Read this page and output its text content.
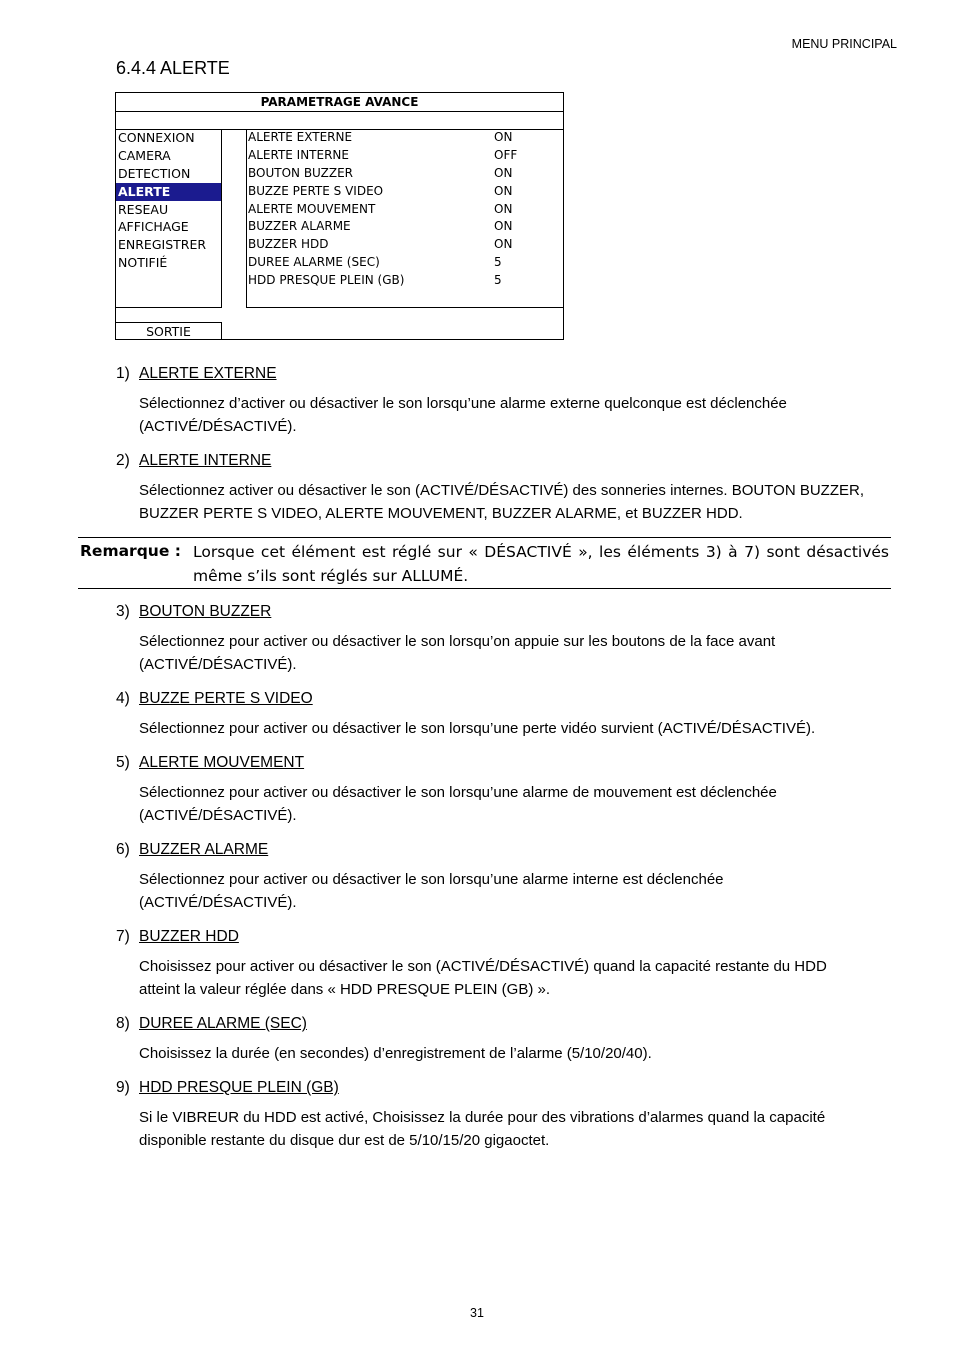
MENU PRINCIPAL
6.4.4 ALERTE
PARAMETRAGE AVANCE
CONNEXION
CAMERA
DETECTION
ALERTE
RESEAU
AFFICHAGE
ENREGISTRER
NOTIFIÉ
ALERTE EXTERNE	ON
ALERTE INTERNE	OFF
BOUTON BUZZER	ON
BUZZE PERTE S VIDEO	ON
ALERTE MOUVEMENT	ON
BUZZER ALARME	ON
BUZZER HDD	ON
DUREE ALARME (SEC)	5
HDD PRESQUE PLEIN (GB)	5
SORTIE
1) ALERTE EXTERNE
Sélectionnez d’activer ou désactiver le son lorsqu’une alarme externe quelconque est déclenchée (ACTIVÉ/DÉSACTIVÉ).
2) ALERTE INTERNE
Sélectionnez activer ou désactiver le son (ACTIVÉ/DÉSACTIVÉ) des sonneries internes. BOUTON BUZZER, BUZZER PERTE S VIDEO, ALERTE MOUVEMENT, BUZZER ALARME, et BUZZER HDD.
3) BOUTON BUZZER
Sélectionnez pour activer ou désactiver le son lorsqu’on appuie sur les boutons de la face avant (ACTIVÉ/DÉSACTIVÉ).
4) BUZZE PERTE S VIDEO
Sélectionnez pour activer ou désactiver le son lorsqu’une perte vidéo survient (ACTIVÉ/DÉSACTIVÉ).
5) ALERTE MOUVEMENT
Sélectionnez pour activer ou désactiver le son lorsqu’une alarme de mouvement est déclenchée (ACTIVÉ/DÉSACTIVÉ).
6) BUZZER ALARME
Sélectionnez pour activer ou désactiver le son lorsqu’une alarme interne est déclenchée (ACTIVÉ/DÉSACTIVÉ).
7) BUZZER HDD
Choisissez pour activer ou désactiver le son (ACTIVÉ/DÉSACTIVÉ) quand la capacité restante du HDD atteint la valeur réglée dans « HDD PRESQUE PLEIN (GB) ».
8) DUREE ALARME (SEC)
Choisissez la durée (en secondes) d’enregistrement de l’alarme (5/10/20/40).
9) HDD PRESQUE PLEIN (GB)
Si le VIBREUR du HDD est activé, Choisissez la durée pour des vibrations d’alarmes quand la capacité disponible restante du disque dur est de 5/10/15/20 gigaoctet.
Remarque : Lorsque cet élément est réglé sur « DÉSACTIVÉ », les éléments 3) à 7) sont désactivés même s’ils sont réglés sur ALLUMÉ.
31
